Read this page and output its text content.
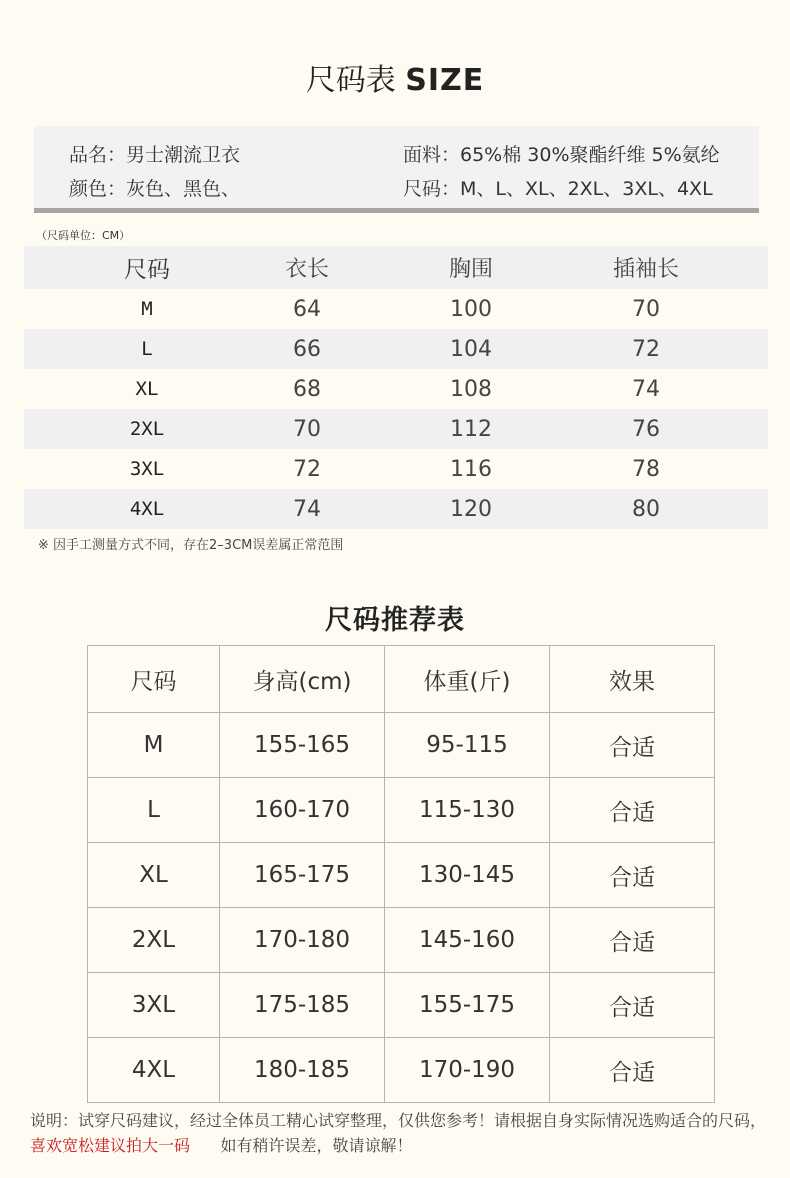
尺码表 SIZE
品名：男士潮流卫衣	面料：65%棉 30%聚酯纤维 5%氨纶
颜色：灰色、黑色、	尺码：M、L、XL、2XL、3XL、4XL
（尺码单位：CM）
尺码	衣长	胸围	插袖长
M	64	100	70
L	66	104	72
XL	68	108	74
2XL	70	112	76
3XL	72	116	78
4XL	74	120	80
※ 因手工测量方式不同，存在2–3CM误差属正常范围
尺码推荐表
尺码	身高(cm)	体重(斤)	效果
M	155-165	95-115	合适
L	160-170	115-130	合适
XL	165-175	130-145	合适
2XL	170-180	145-160	合适
3XL	175-185	155-175	合适
4XL	180-185	170-190	合适
说明：试穿尺码建议，经过全体员工精心试穿整理，仅供您参考！请根据自身实际情况选购适合的尺码，喜欢宽松建议拍大一码      如有稍许误差，敬请谅解！
